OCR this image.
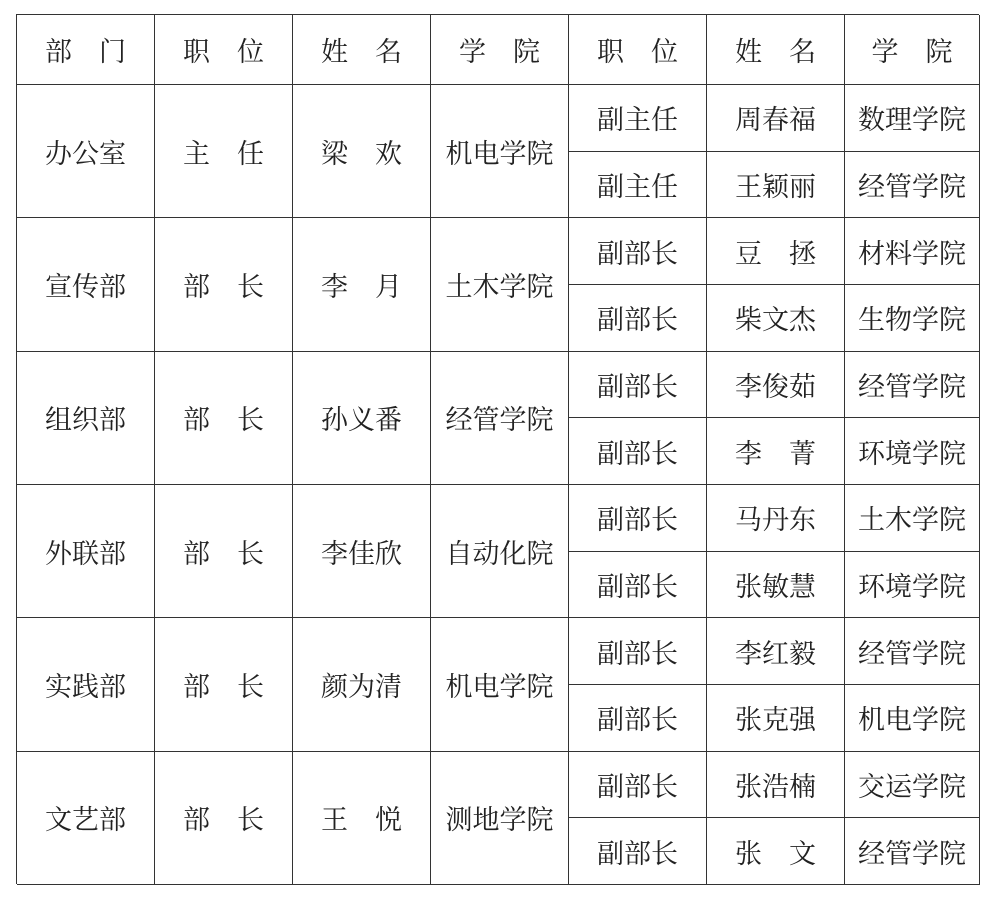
部　门	职　位	姓　名	学　院	职　位	姓　名	学　院
办公室	主　任	梁　欢	机电学院
副主任	周春福	数理学院
副主任	王颖丽	经管学院
宣传部	部　长	李　月	土木学院
副部长	豆　拯	材料学院
副部长	柴文杰	生物学院
组织部	部　长	孙义番	经管学院
副部长	李俊茹	经管学院
副部长	李　菁	环境学院
外联部	部　长	李佳欣	自动化院
副部长	马丹东	土木学院
副部长	张敏慧	环境学院
实践部	部　长	颜为清	机电学院
副部长	李红毅	经管学院
副部长	张克强	机电学院
文艺部	部　长	王　悦	测地学院
副部长	张浩楠	交运学院
副部长	张　文	经管学院
